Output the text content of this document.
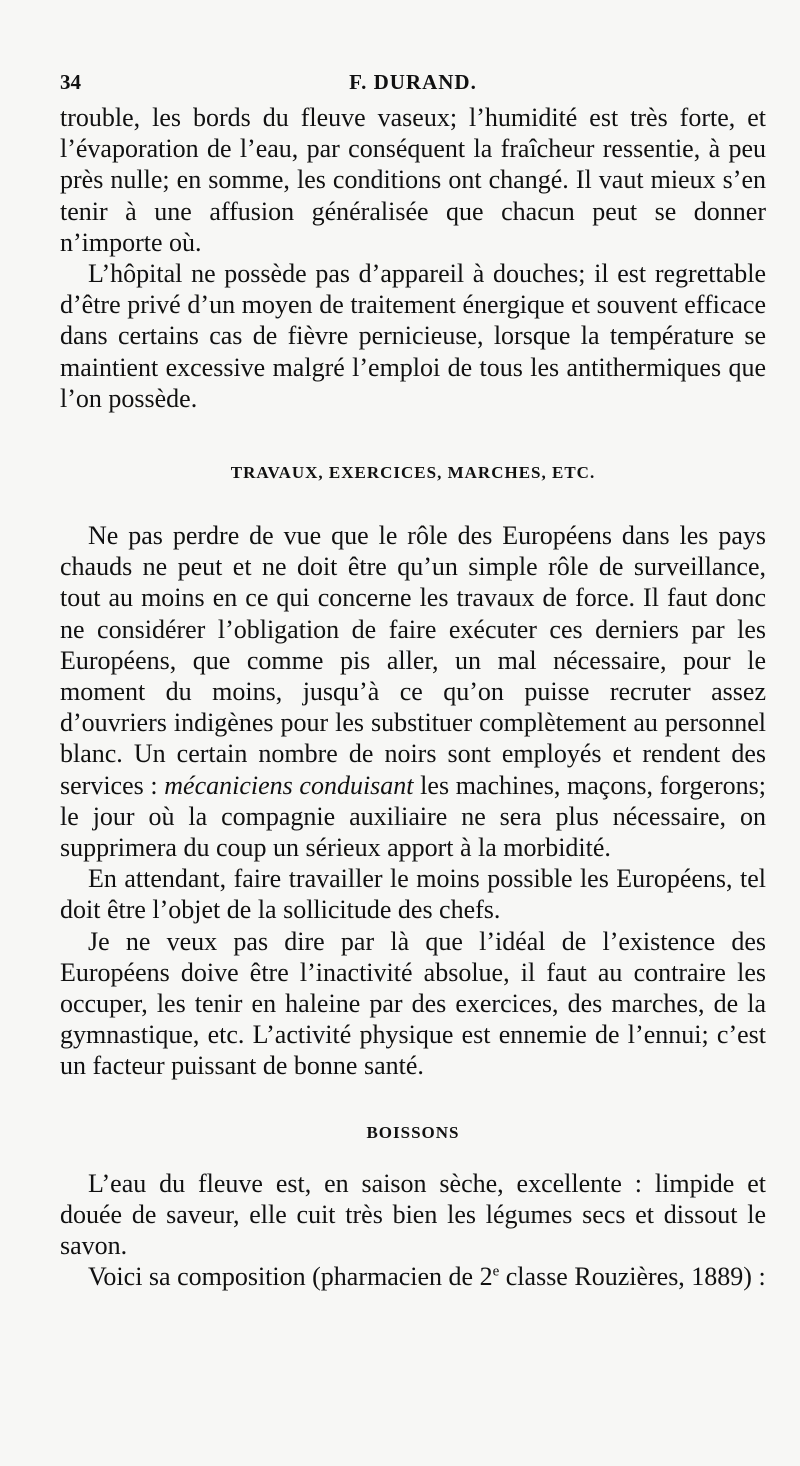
34	F. DURAND.

trouble, les bords du fleuve vaseux; l’humidité est très forte, et l’évaporation de l’eau, par conséquent la fraîcheur ressentie, à peu près nulle; en somme, les conditions ont changé. Il vaut mieux s’en tenir à une affusion généralisée que chacun peut se donner n’importe où.

L’hôpital ne possède pas d’appareil à douches; il est regrettable d’être privé d’un moyen de traitement énergique et souvent efficace dans certains cas de fièvre pernicieuse, lorsque la température se maintient excessive malgré l’emploi de tous les antithermiques que l’on possède.

TRAVAUX, EXERCICES, MARCHES, ETC.

Ne pas perdre de vue que le rôle des Européens dans les pays chauds ne peut et ne doit être qu’un simple rôle de surveillance, tout au moins en ce qui concerne les travaux de force. Il faut donc ne considérer l’obligation de faire exécuter ces derniers par les Européens, que comme pis aller, un mal nécessaire, pour le moment du moins, jusqu’à ce qu’on puisse recruter assez d’ouvriers indigènes pour les substituer complètement au personnel blanc. Un certain nombre de noirs sont employés et rendent des services : mécaniciens conduisant les machines, maçons, forgerons; le jour où la compagnie auxiliaire ne sera plus nécessaire, on supprimera du coup un sérieux apport à la morbidité.

En attendant, faire travailler le moins possible les Européens, tel doit être l’objet de la sollicitude des chefs.

Je ne veux pas dire par là que l’idéal de l’existence des Européens doive être l’inactivité absolue, il faut au contraire les occuper, les tenir en haleine par des exercices, des marches, de la gymnastique, etc. L’activité physique est ennemie de l’ennui; c’est un facteur puissant de bonne santé.

BOISSONS

L’eau du fleuve est, en saison sèche, excellente : limpide et douée de saveur, elle cuit très bien les légumes secs et dissout le savon.

Voici sa composition (pharmacien de 2e classe Rouzières, 1889) :
